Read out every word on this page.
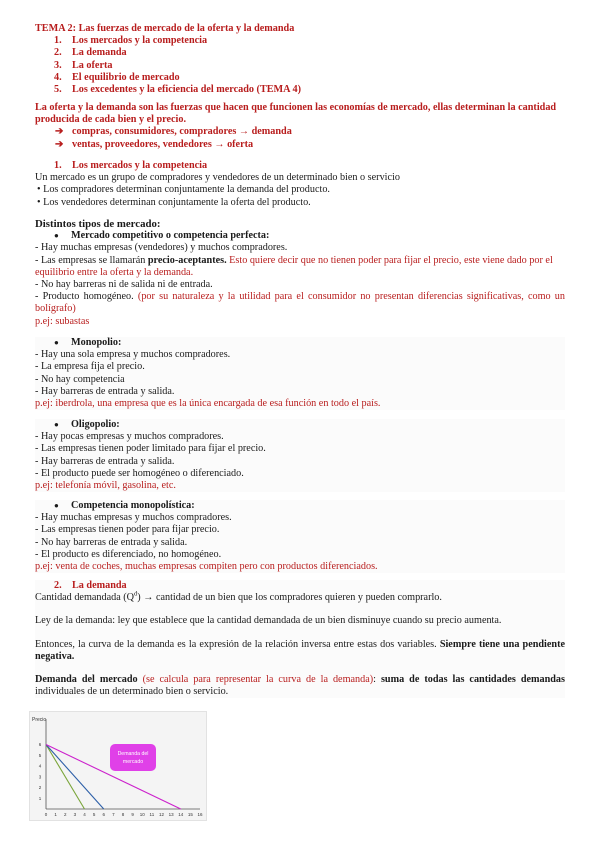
TEMA 2: Las fuerzas de mercado de la oferta y la demanda

1. Los mercados y la competencia
2. La demanda
3. La oferta
4. El equilibrio de mercado
5. Los excedentes y la eficiencia del mercado (TEMA 4)

La oferta y la demanda son las fuerzas que hacen que funcionen las economías de mercado, ellas determinan la cantidad producida de cada bien y el precio.

➔ compras, consumidores, compradores → demanda
➔ ventas, proveedores, vendedores → oferta
1. Los mercados y la competencia

Un mercado es un grupo de compradores y vendedores de un determinado bien o servicio

• Los compradores determinan conjuntamente la demanda del producto.

• Los vendedores determinan conjuntamente la oferta del producto.

Distintos tipos de mercado:

● Mercado competitivo o competencia perfecta:

- Hay muchas empresas (vendedores) y muchos compradores.

- Las empresas se llamarán precio-aceptantes. Esto quiere decir que no tienen poder para fijar el precio, este viene dado por el equilibrio entre la oferta y la demanda.

- No hay barreras ni de salida ni de entrada.

- Producto homogéneo. (por su naturaleza y la utilidad para el consumidor no presentan diferencias significativas, como un bolígrafo)

p.ej: subastas

● Monopolio:

- Hay una sola empresa y muchos compradores.

- La empresa fija el precio.

- No hay competencia

- Hay barreras de entrada y salida.

p.ej: iberdrola, una empresa que es la única encargada de esa función en todo el país.

● Oligopolio:

- Hay pocas empresas y muchos compradores.

- Las empresas tienen poder limitado para fijar el precio.

- Hay barreras de entrada y salida.

- El producto puede ser homogéneo o diferenciado.

p.ej: telefonía móvil, gasolina, etc.

● Competencia monopolística:

- Hay muchas empresas y muchos compradores.

- Las empresas tienen poder para fijar precio.

- No hay barreras de entrada y salida.

- El producto es diferenciado, no homogéneo.

p.ej: venta de coches, muchas empresas compiten pero con productos diferenciados.

2. La demanda

Cantidad demandada $(Q^d)$ → cantidad de un bien que los compradores quieren y pueden comprarlo.

Ley de la demanda: ley que establece que la cantidad demandada de un bien disminuye cuando su precio aumenta.

Entonces, la curva de la demanda es la expresión de la relación inversa entre estas dos variables. Siempre tiene una pendiente negativa.

Demanda del mercado (se calcula para representar la curva de la demanda): suma de todas las cantidades demandas individuales de un determinado bien o servicio.

Precio
0 1 2 3 4 5 6 7 8 9 10 11 12 13 14 15 16
1
2
3
4
5
6
Demanda del
mercado
